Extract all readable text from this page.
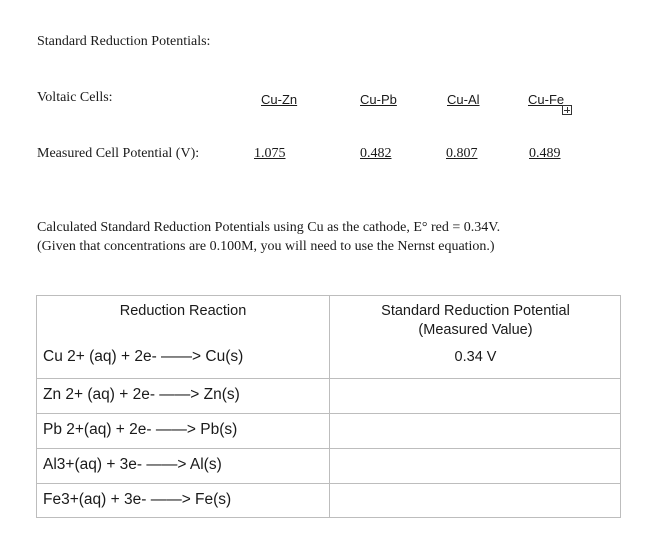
Standard Reduction Potentials:
Voltaic Cells:	Cu-Zn	Cu-Pb	Cu-Al	Cu-Fe
Measured Cell Potential (V):	1.075	0.482	0.807	0.489
Calculated Standard Reduction Potentials using Cu as the cathode, E° red = 0.34V.
(Given that concentrations are 0.100M, you will need to use the Nernst equation.)
Reduction Reaction	Standard Reduction Potential
(Measured Value)
Cu 2+ (aq) + 2e- ——> Cu(s)	0.34 V
Zn 2+ (aq) + 2e- ——> Zn(s)
Pb 2+(aq) + 2e- ——> Pb(s)
Al3+(aq) + 3e- ——> Al(s)
Fe3+(aq) + 3e- ——> Fe(s)
